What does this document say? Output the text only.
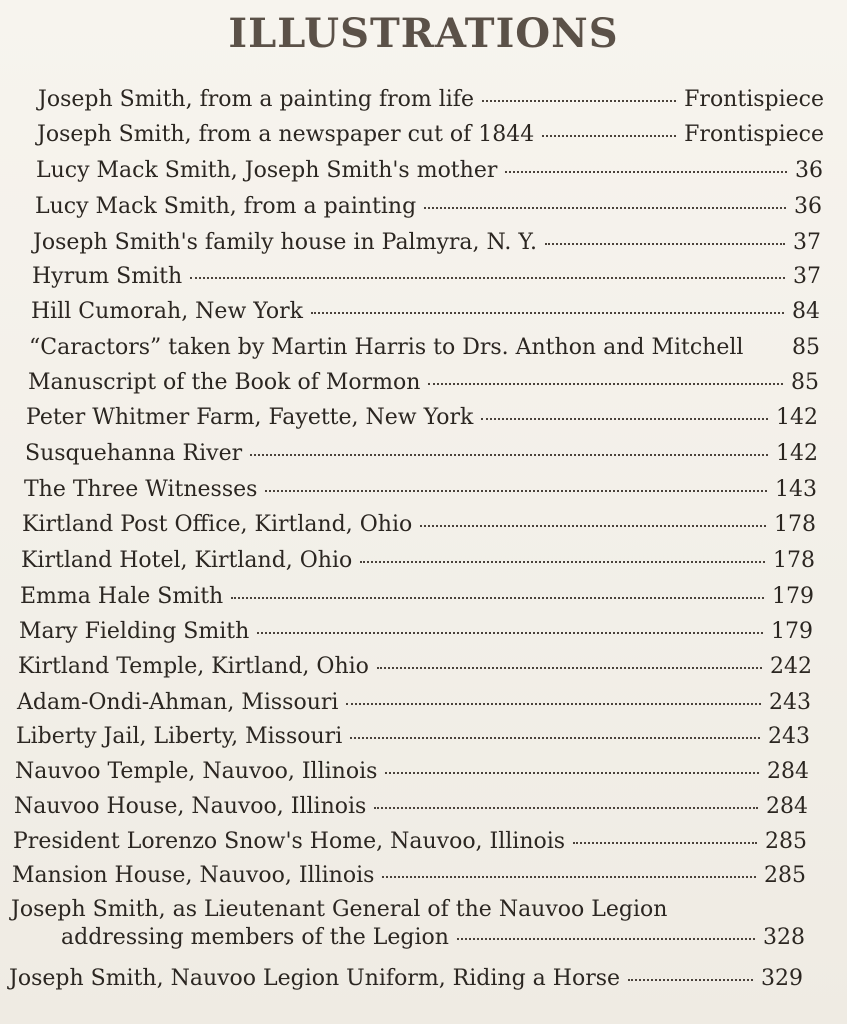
ILLUSTRATIONS
Joseph Smith, from a painting from life	Frontispiece
Joseph Smith, from a newspaper cut of 1844	Frontispiece
Lucy Mack Smith, Joseph Smith's mother	36
Lucy Mack Smith, from a painting	36
Joseph Smith's family house in Palmyra, N. Y.	37
Hyrum Smith	37
Hill Cumorah, New York	84
“Caractors” taken by Martin Harris to Drs. Anthon and Mitchell 85
Manuscript of the Book of Mormon	85
Peter Whitmer Farm, Fayette, New York	142
Susquehanna River	142
The Three Witnesses	143
Kirtland Post Office, Kirtland, Ohio	178
Kirtland Hotel, Kirtland, Ohio	178
Emma Hale Smith	179
Mary Fielding Smith	179
Kirtland Temple, Kirtland, Ohio	242
Adam-Ondi-Ahman, Missouri	243
Liberty Jail, Liberty, Missouri	243
Nauvoo Temple, Nauvoo, Illinois	284
Nauvoo House, Nauvoo, Illinois	284
President Lorenzo Snow's Home, Nauvoo, Illinois	285
Mansion House, Nauvoo, Illinois	285
Joseph Smith, as Lieutenant General of the Nauvoo Legion
addressing members of the Legion	328
Joseph Smith, Nauvoo Legion Uniform, Riding a Horse	329
